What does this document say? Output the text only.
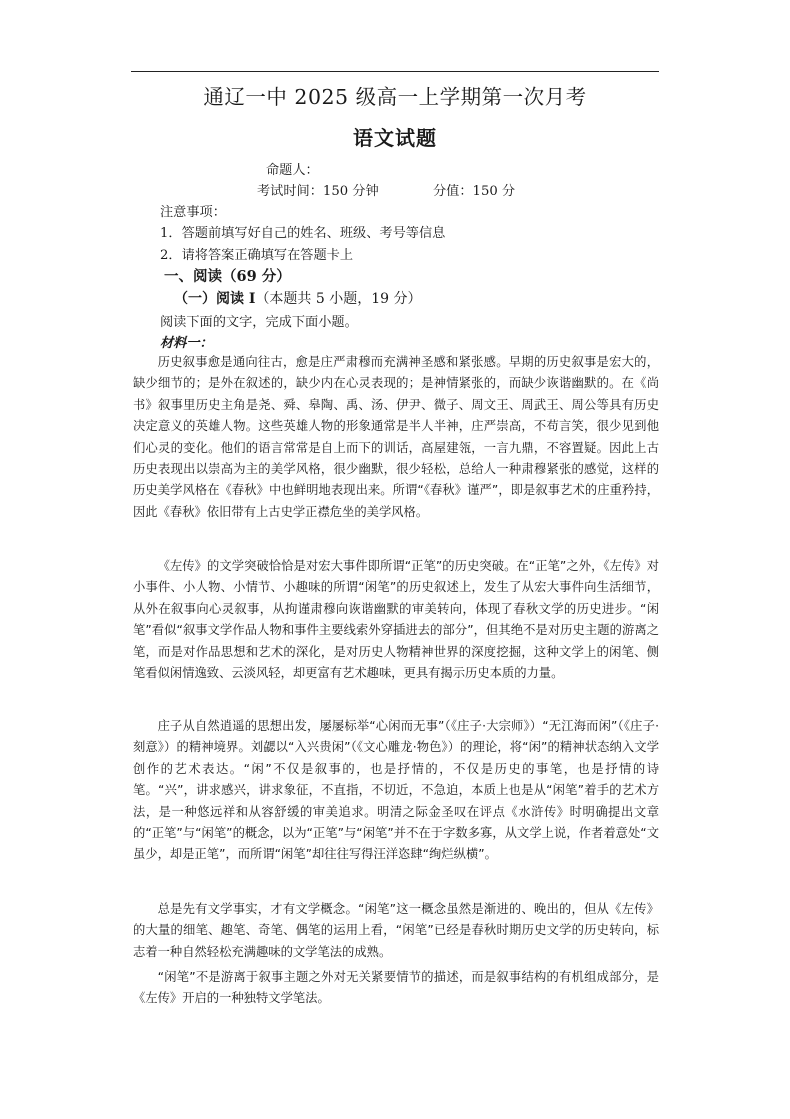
通辽一中 2025 级高一上学期第一次月考
语文试题
命题人：
考试时间：150 分钟	分值：150 分
注意事项：
1．答题前填写好自己的姓名、班级、考号等信息
2．请将答案正确填写在答题卡上
一、阅读（69 分）
（一）阅读 I（本题共 5 小题，19 分）
阅读下面的文字，完成下面小题。
材料一：

历史叙事愈是通向往古，愈是庄严肃穆而充满神圣感和紧张感。早期的历史叙事是宏大的，缺少细节的；是外在叙述的，缺少内在心灵表现的；是神情紧张的，而缺少诙谐幽默的。在《尚书》叙事里历史主角是尧、舜、皋陶、禹、汤、伊尹、微子、周文王、周武王、周公等具有历史决定意义的英雄人物。这些英雄人物的形象通常是半人半神，庄严崇高，不苟言笑，很少见到他们心灵的变化。他们的语言常常是自上而下的训话，高屋建瓴，一言九鼎，不容置疑。因此上古历史表现出以崇高为主的美学风格，很少幽默，很少轻松，总给人一种肃穆紧张的感觉，这样的历史美学风格在《春秋》中也鲜明地表现出来。所谓“《春秋》谨严”，即是叙事艺术的庄重矜持，因此《春秋》依旧带有上古史学正襟危坐的美学风格。

《左传》的文学突破恰恰是对宏大事件即所谓“正笔”的历史突破。在“正笔”之外，《左传》对小事件、小人物、小情节、小趣味的所谓“闲笔”的历史叙述上，发生了从宏大事件向生活细节，从外在叙事向心灵叙事，从拘谨肃穆向诙谐幽默的审美转向，体现了春秋文学的历史进步。“闲笔”看似“叙事文学作品人物和事件主要线索外穿插进去的部分”，但其绝不是对历史主题的游离之笔，而是对作品思想和艺术的深化，是对历史人物精神世界的深度挖掘，这种文学上的闲笔、侧笔看似闲情逸致、云淡风轻，却更富有艺术趣味，更具有揭示历史本质的力量。

庄子从自然逍遥的思想出发，屡屡标举“心闲而无事”（《庄子·大宗师》）“无江海而闲”（《庄子·刻意》）的精神境界。刘勰以“入兴贵闲”（《文心雕龙·物色》）的理论，将“闲”的精神状态纳入文学创作的艺术表达。“闲”不仅是叙事的，也是抒情的，不仅是历史的事笔，也是抒情的诗笔。“兴”，讲求感兴，讲求象征，不直指，不切近，不急迫，本质上也是从“闲笔”着手的艺术方法，是一种悠远祥和从容舒缓的审美追求。明清之际金圣叹在评点《水浒传》时明确提出文章的“正笔”与“闲笔”的概念，以为“正笔”与“闲笔”并不在于字数多寡，从文学上说，作者着意处“文虽少，却是正笔”，而所谓“闲笔”却往往写得汪洋恣肆“绚烂纵横”。

总是先有文学事实，才有文学概念。“闲笔”这一概念虽然是渐进的、晚出的，但从《左传》的大量的细笔、趣笔、奇笔、偶笔的运用上看，“闲笔”已经是春秋时期历史文学的历史转向，标志着一种自然轻松充满趣味的文学笔法的成熟。

“闲笔”不是游离于叙事主题之外对无关紧要情节的描述，而是叙事结构的有机组成部分，是《左传》开启的一种独特文学笔法。
